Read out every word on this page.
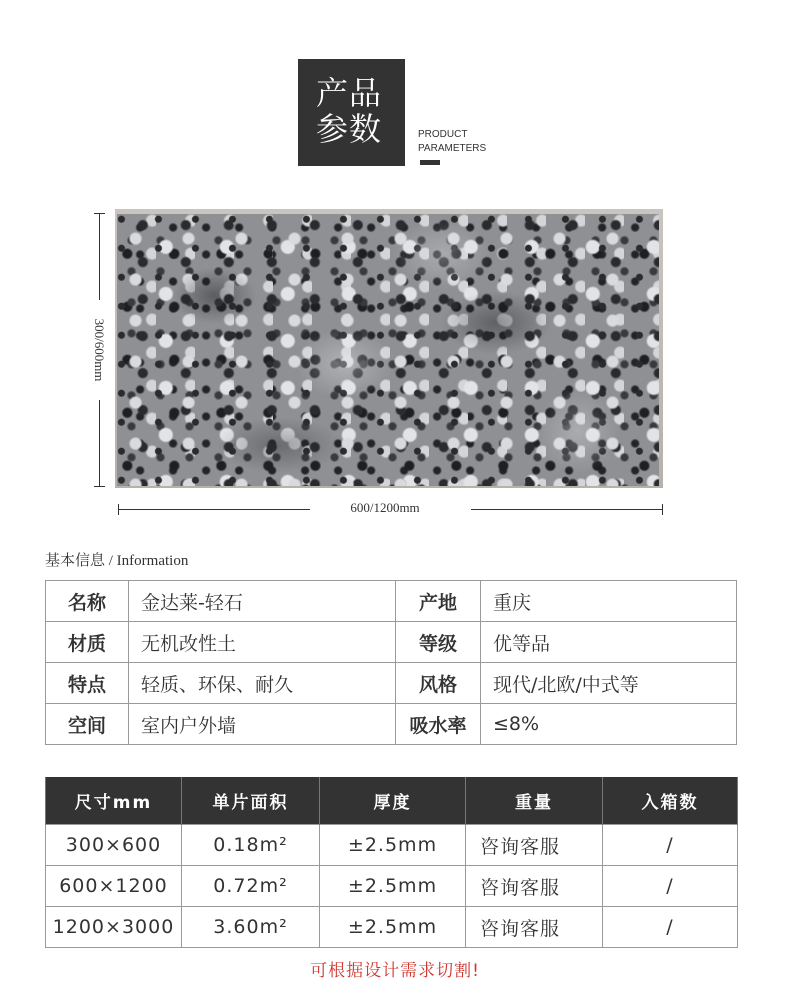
产品
参数	PRODUCT
PARAMETERS
300/600mm
600/1200mm
基本信息 / Information
名称	金达莱-轻石	产地	重庆
材质	无机改性土	等级	优等品
特点	轻质、环保、耐久	风格	现代/北欧/中式等
空间	室内户外墙	吸水率	≤8%
尺寸mm	单片面积	厚度	重量	入箱数
300×600	0.18m²	±2.5mm	咨询客服	/
600×1200	0.72m²	±2.5mm	咨询客服	/
1200×3000	3.60m²	±2.5mm	咨询客服	/
可根据设计需求切割!
